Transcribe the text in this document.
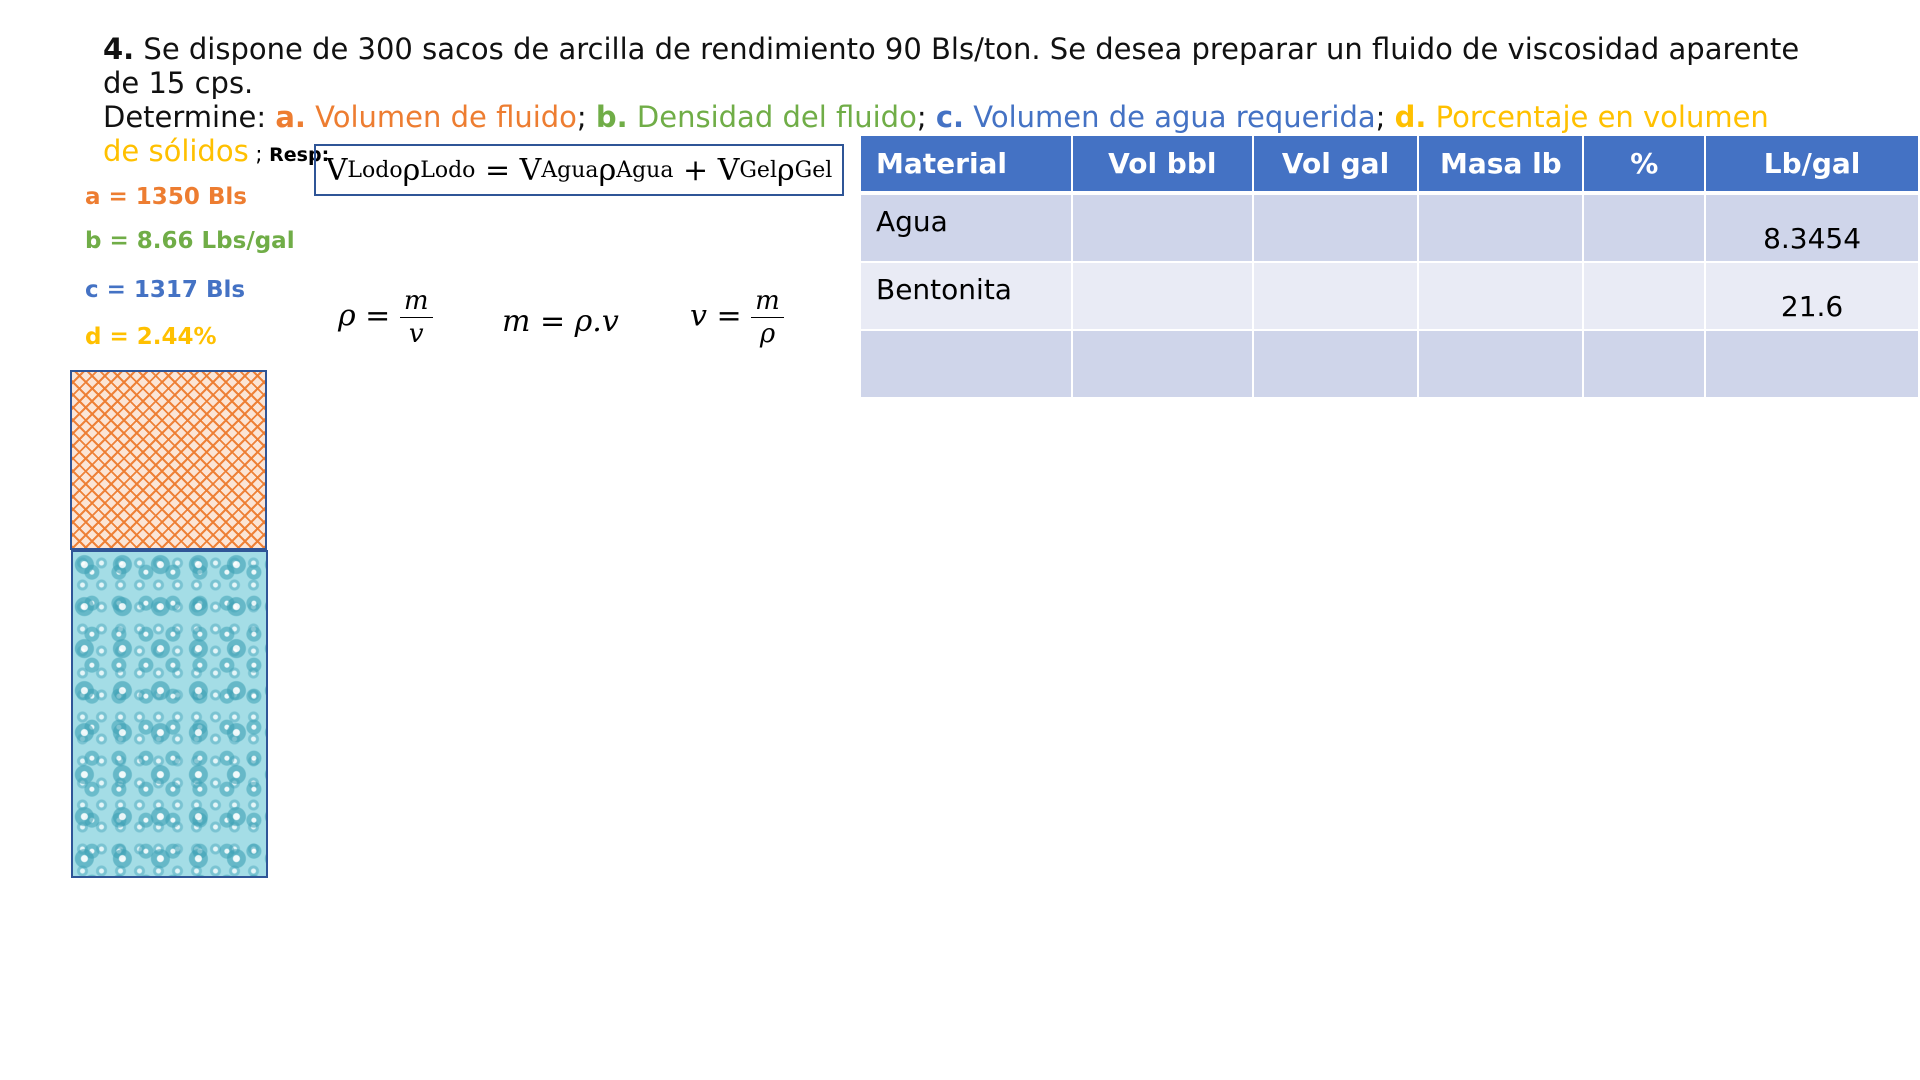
4. Se dispone de 300 sacos de arcilla de rendimiento 90 Bls/ton. Se desea preparar un fluido de viscosidad aparente de 15 cps.
Determine: a. Volumen de fluido; b. Densidad del fluido; c. Volumen de agua requerida; d. Porcentaje en volumen de sólidos ; Resp:
a = 1350 Bls
b = 8.66 Lbs/gal
c = 1317 Bls
d = 2.44%
V Lodo ρ Lodo = V Agua ρ Agua + V Gel ρ Gel
$\rho = \frac{m}{v}$ m = ρ.v $v = \frac{m}{\rho}$
Material	Vol bbl	Vol gal	Masa lb	%	Lb/gal
Agua					8.3454
Bentonita					21.6
